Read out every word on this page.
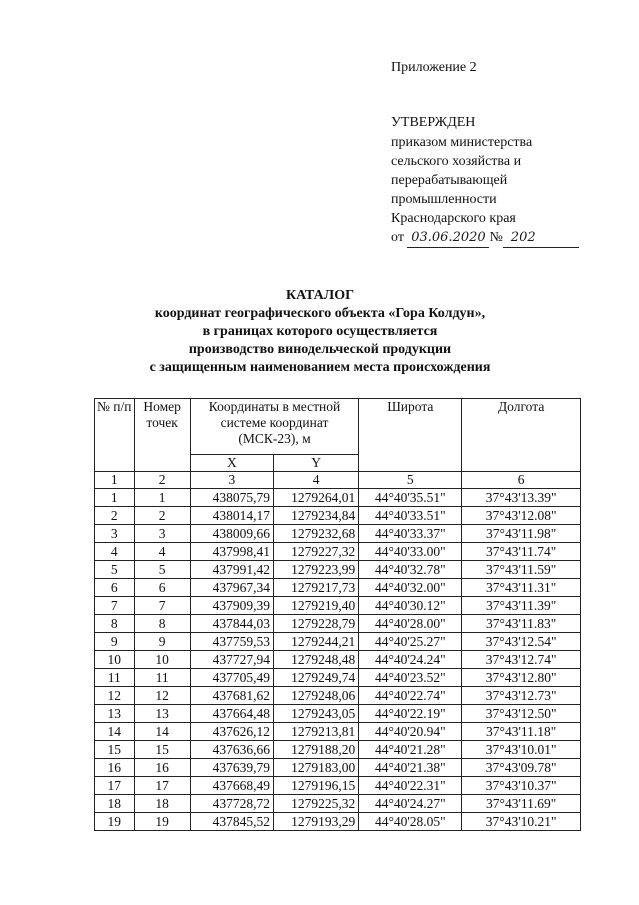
Приложение 2
УТВЕРЖДЕН
приказом министерства
сельского хозяйства и
перерабатывающей
промышленности
Краснодарского края
от
03.06.2020 № 202
КАТАЛОГ
координат географического объекта «Гора Колдун»,
в границах которого осуществляется
производство винодельческой продукции
с защищенным наименованием места происхождения
№ п/п	Номер точек	Координаты в местной системе координат (МСК-23), м		Широта	Долгота
		X	Y		
1	2	3	4	5	6
1	1	438075,79	1279264,01	44°40'35.51"	37°43'13.39"
2	2	438014,17	1279234,84	44°40'33.51"	37°43'12.08"
3	3	438009,66	1279232,68	44°40'33.37"	37°43'11.98"
4	4	437998,41	1279227,32	44°40'33.00"	37°43'11.74"
5	5	437991,42	1279223,99	44°40'32.78"	37°43'11.59"
6	6	437967,34	1279217,73	44°40'32.00"	37°43'11.31"
7	7	437909,39	1279219,40	44°40'30.12"	37°43'11.39"
8	8	437844,03	1279228,79	44°40'28.00"	37°43'11.83"
9	9	437759,53	1279244,21	44°40'25.27"	37°43'12.54"
10	10	437727,94	1279248,48	44°40'24.24"	37°43'12.74"
11	11	437705,49	1279249,74	44°40'23.52"	37°43'12.80"
12	12	437681,62	1279248,06	44°40'22.74"	37°43'12.73"
13	13	437664,48	1279243,05	44°40'22.19"	37°43'12.50"
14	14	437626,12	1279213,81	44°40'20.94"	37°43'11.18"
15	15	437636,66	1279188,20	44°40'21.28"	37°43'10.01"
16	16	437639,79	1279183,00	44°40'21.38"	37°43'09.78"
17	17	437668,49	1279196,15	44°40'22.31"	37°43'10.37"
18	18	437728,72	1279225,32	44°40'24.27"	37°43'11.69"
19	19	437845,52	1279193,29	44°40'28.05"	37°43'10.21"
